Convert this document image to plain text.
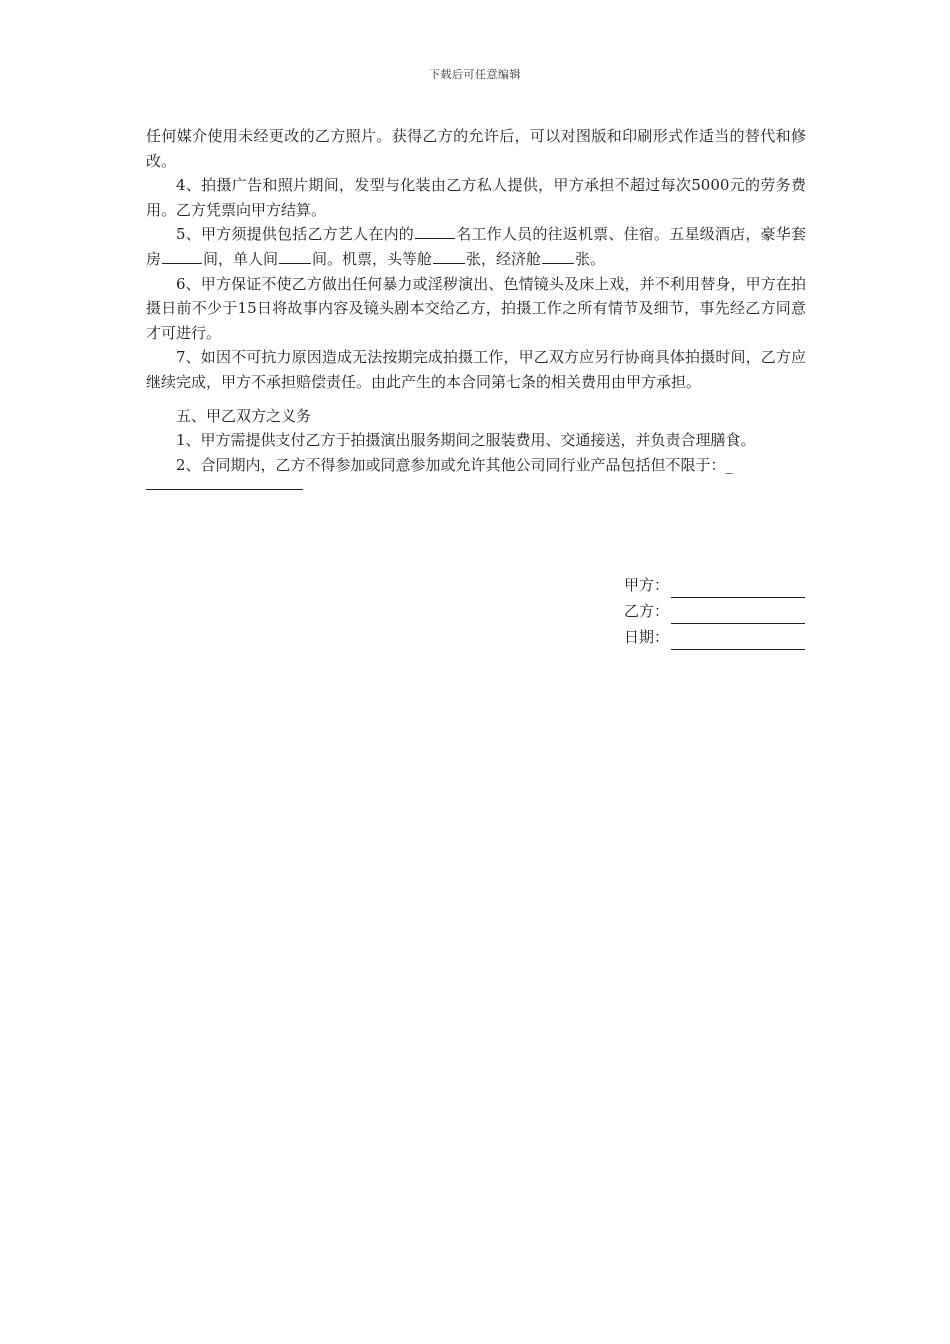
下载后可任意编辑

任何媒介使用未经更改的乙方照片。获得乙方的允许后，可以对图版和印刷形式作适当的替代和修改。

4、拍摄广告和照片期间，发型与化装由乙方私人提供，甲方承担不超过每次5000元的劳务费用。乙方凭票向甲方结算。

5、甲方须提供包括乙方艺人在内的	名工作人员的往返机票、住宿。五星级酒店，豪华套房	间，单人间 间。机票，头等舱 张，经济舱 张。

6、甲方保证不使乙方做出任何暴力或淫秽演出、色情镜头及床上戏，并不利用替身，甲方在拍摄日前不少于15日将故事内容及镜头剧本交给乙方，拍摄工作之所有情节及细节，事先经乙方同意才可进行。

7、如因不可抗力原因造成无法按期完成拍摄工作，甲乙双方应另行协商具体拍摄时间，乙方应继续完成，甲方不承担赔偿责任。由此产生的本合同第七条的相关费用由甲方承担。

五、甲乙双方之义务

1、甲方需提供支付乙方于拍摄演出服务期间之服装费用、交通接送，并负责合理膳食。

2、合同期内，乙方不得参加或同意参加或允许其他公司同行业产品包括但不限于：_

甲方：
乙方：
日期：
